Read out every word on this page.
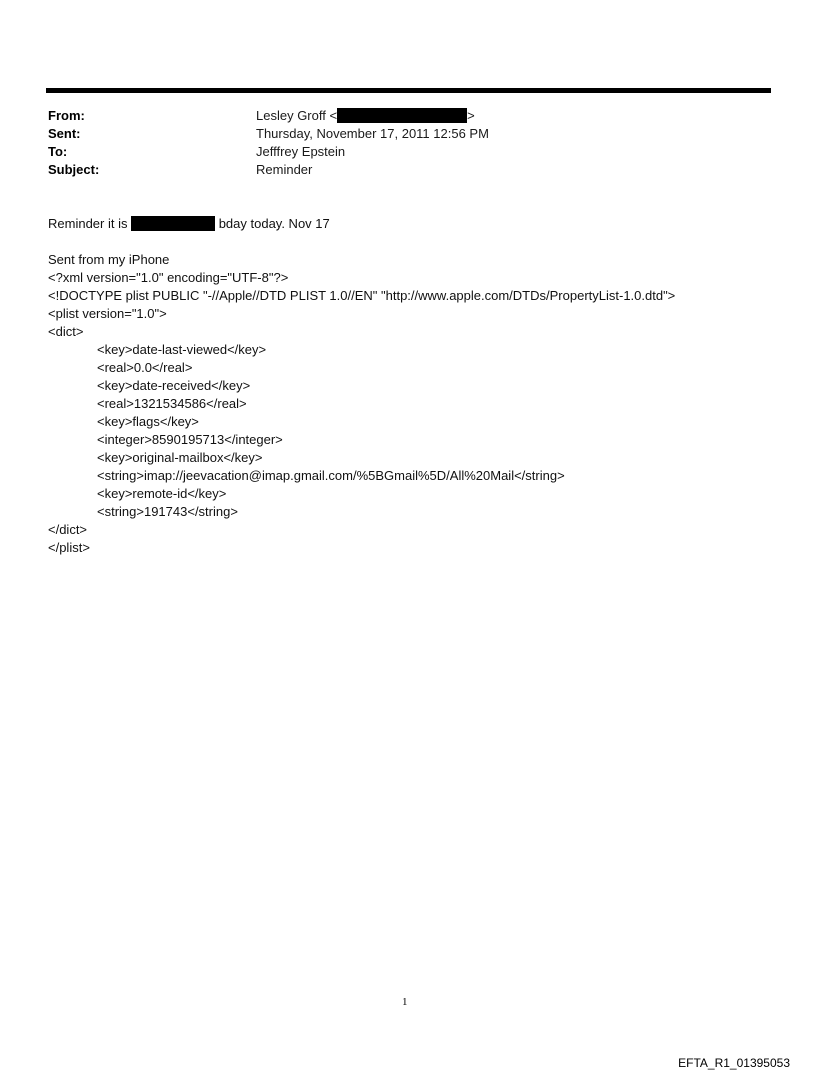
From:	Lesley Groff <	>
Sent:	Thursday, November 17, 2011 12:56 PM
To:	Jefffrey Epstein
Subject:	Reminder
Reminder it is	bday today. Nov 17
Sent from my iPhone
<?xml version="1.0" encoding="UTF-8"?>
<!DOCTYPE plist PUBLIC "-//Apple//DTD PLIST 1.0//EN" "http://www.apple.com/DTDs/PropertyList-1.0.dtd">
<plist version="1.0">
<dict>
<key>date-last-viewed</key>
<real>0.0</real>
<key>date-received</key>
<real>1321534586</real>
<key>flags</key>
<integer>8590195713</integer>
<key>original-mailbox</key>
<string>imap://jeevacation@imap.gmail.com/%5BGmail%5D/All%20Mail</string>
<key>remote-id</key>
<string>191743</string>
</dict>
</plist>
1
EFTA_R1_01395053
